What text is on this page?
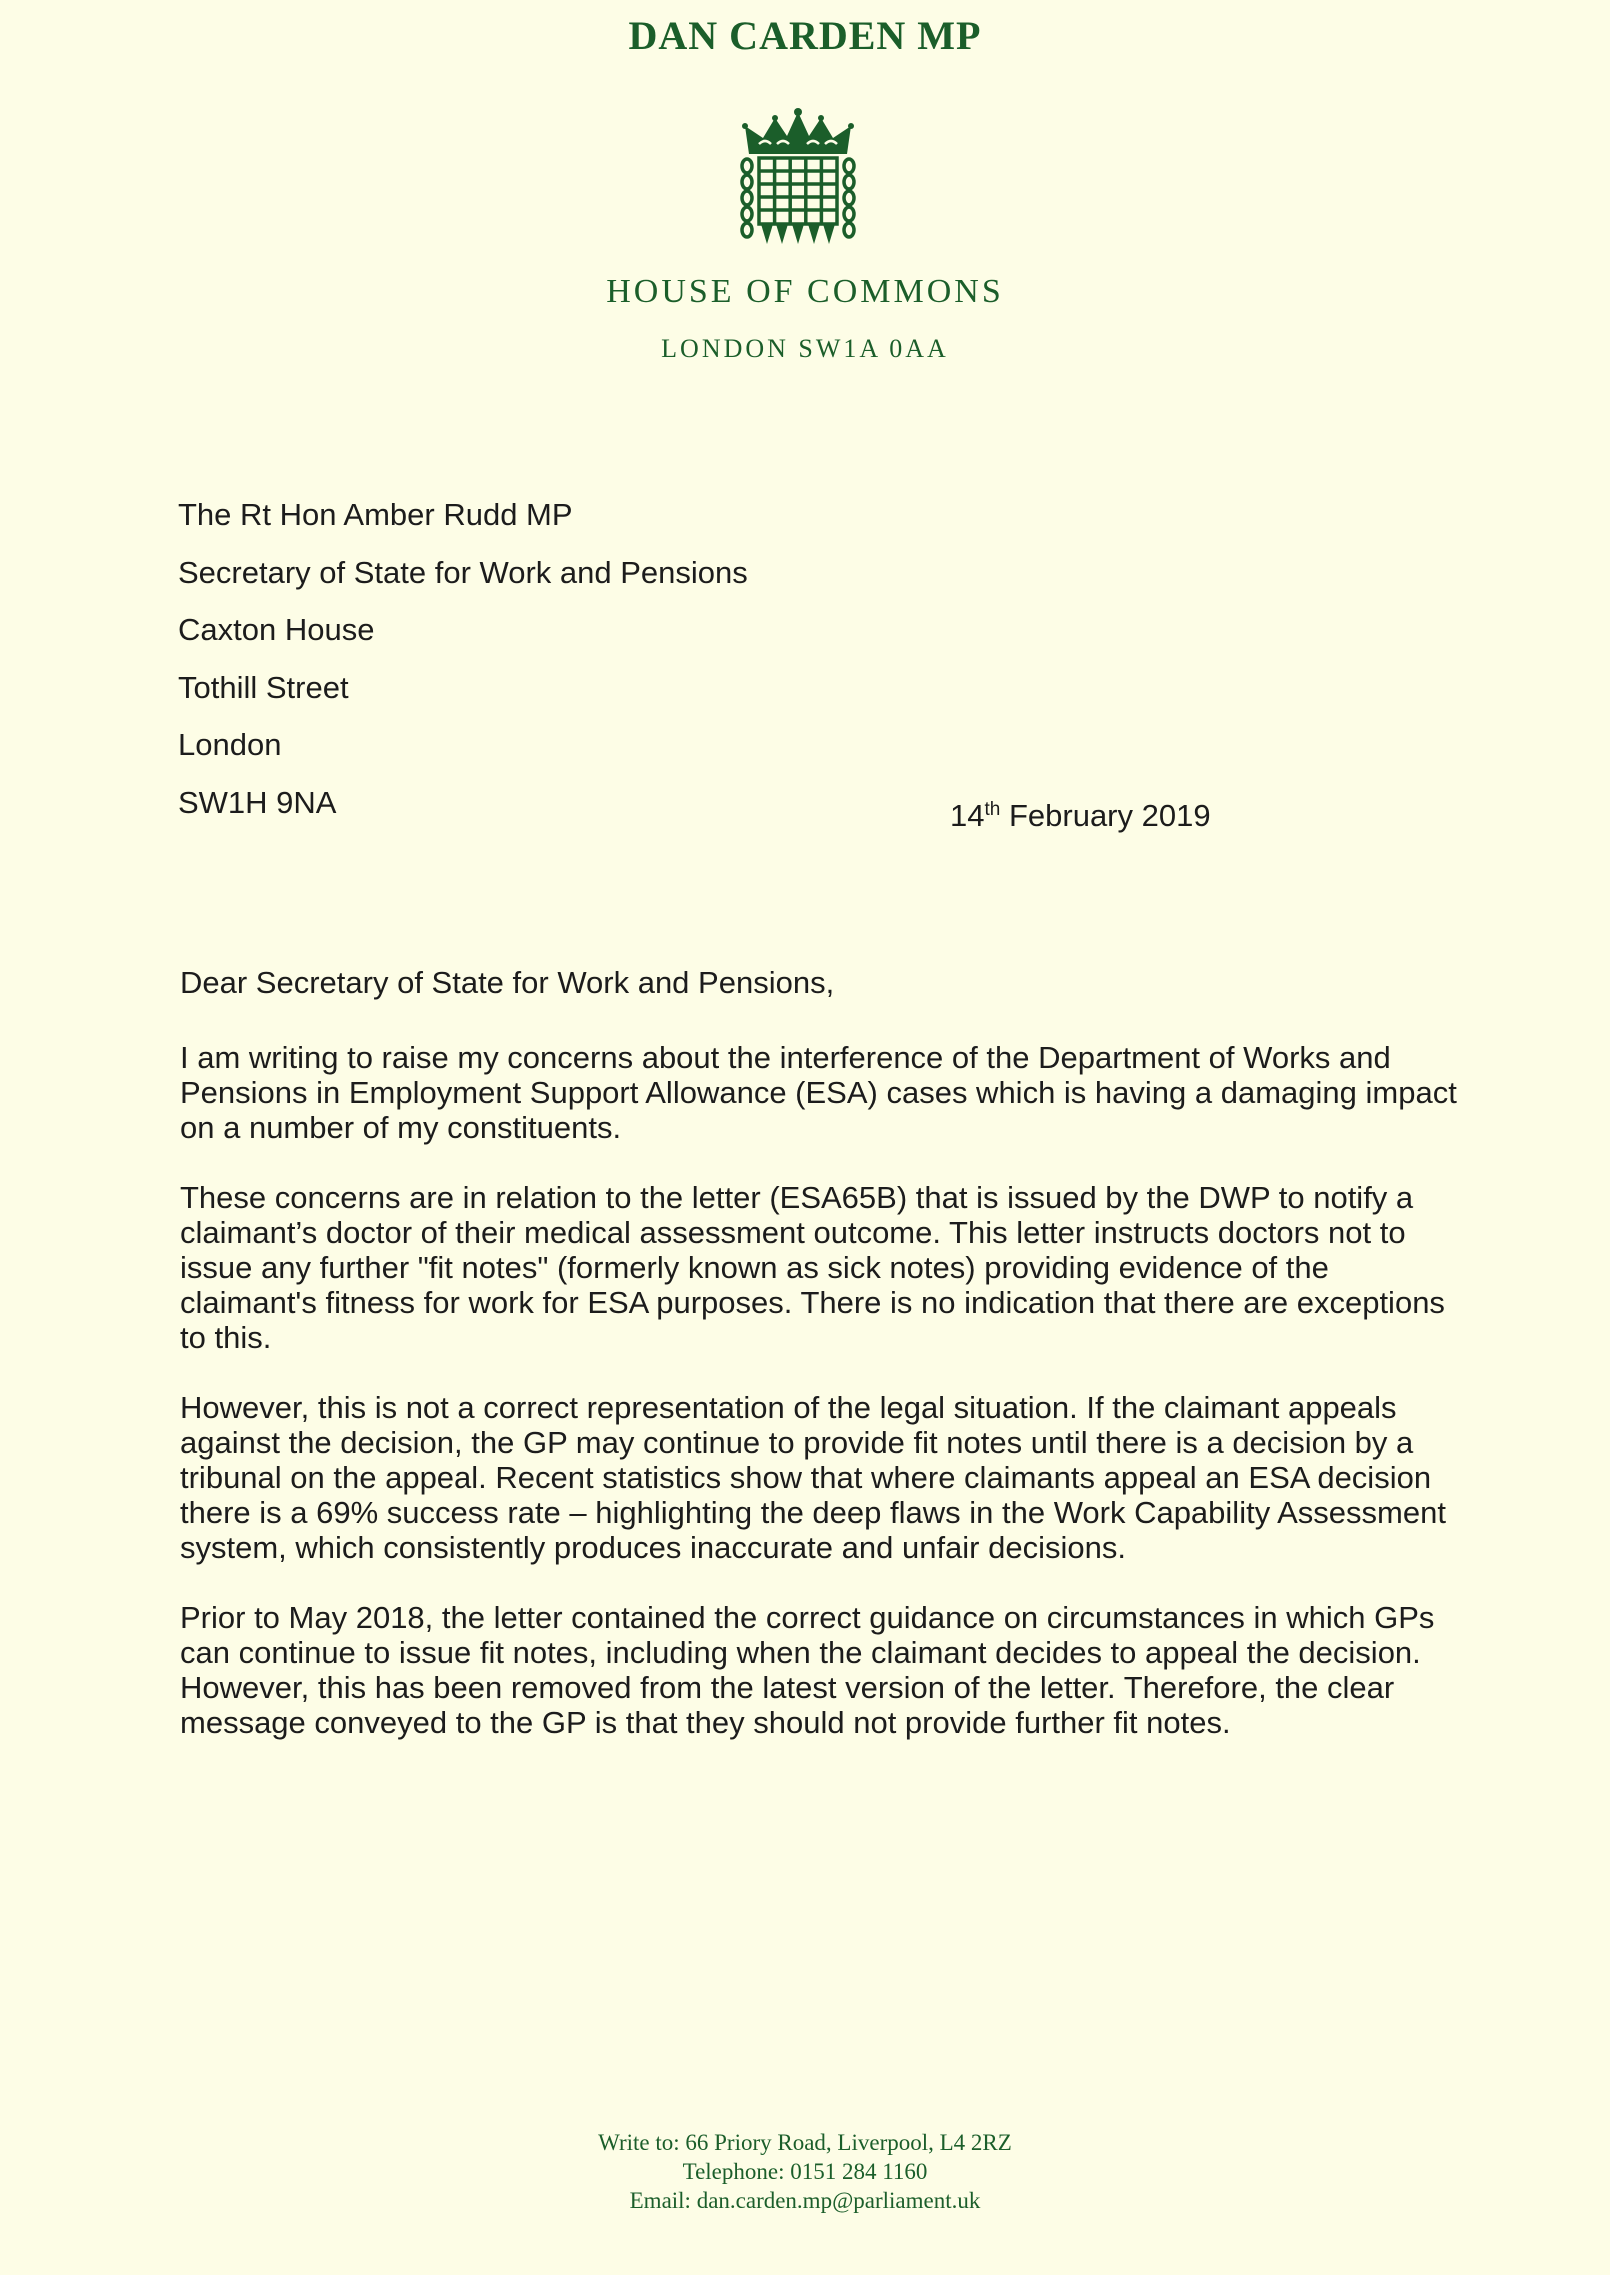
DAN CARDEN MP
HOUSE OF COMMONS
LONDON SW1A 0AA
The Rt Hon Amber Rudd MP
Secretary of State for Work and Pensions
Caxton House
Tothill Street
London
SW1H 9NA	14th February 2019
Dear Secretary of State for Work and Pensions,

I am writing to raise my concerns about the interference of the Department of Works and Pensions in Employment Support Allowance (ESA) cases which is having a damaging impact on a number of my constituents.

These concerns are in relation to the letter (ESA65B) that is issued by the DWP to notify a claimant’s doctor of their medical assessment outcome. This letter instructs doctors not to issue any further "fit notes" (formerly known as sick notes) providing evidence of the claimant's fitness for work for ESA purposes. There is no indication that there are exceptions to this.

However, this is not a correct representation of the legal situation. If the claimant appeals against the decision, the GP may continue to provide fit notes until there is a decision by a tribunal on the appeal. Recent statistics show that where claimants appeal an ESA decision there is a 69% success rate – highlighting the deep flaws in the Work Capability Assessment system, which consistently produces inaccurate and unfair decisions.

Prior to May 2018, the letter contained the correct guidance on circumstances in which GPs can continue to issue fit notes, including when the claimant decides to appeal the decision. However, this has been removed from the latest version of the letter. Therefore, the clear message conveyed to the GP is that they should not provide further fit notes.

Write to: 66 Priory Road, Liverpool, L4 2RZ
Telephone: 0151 284 1160
Email: dan.carden.mp@parliament.uk
